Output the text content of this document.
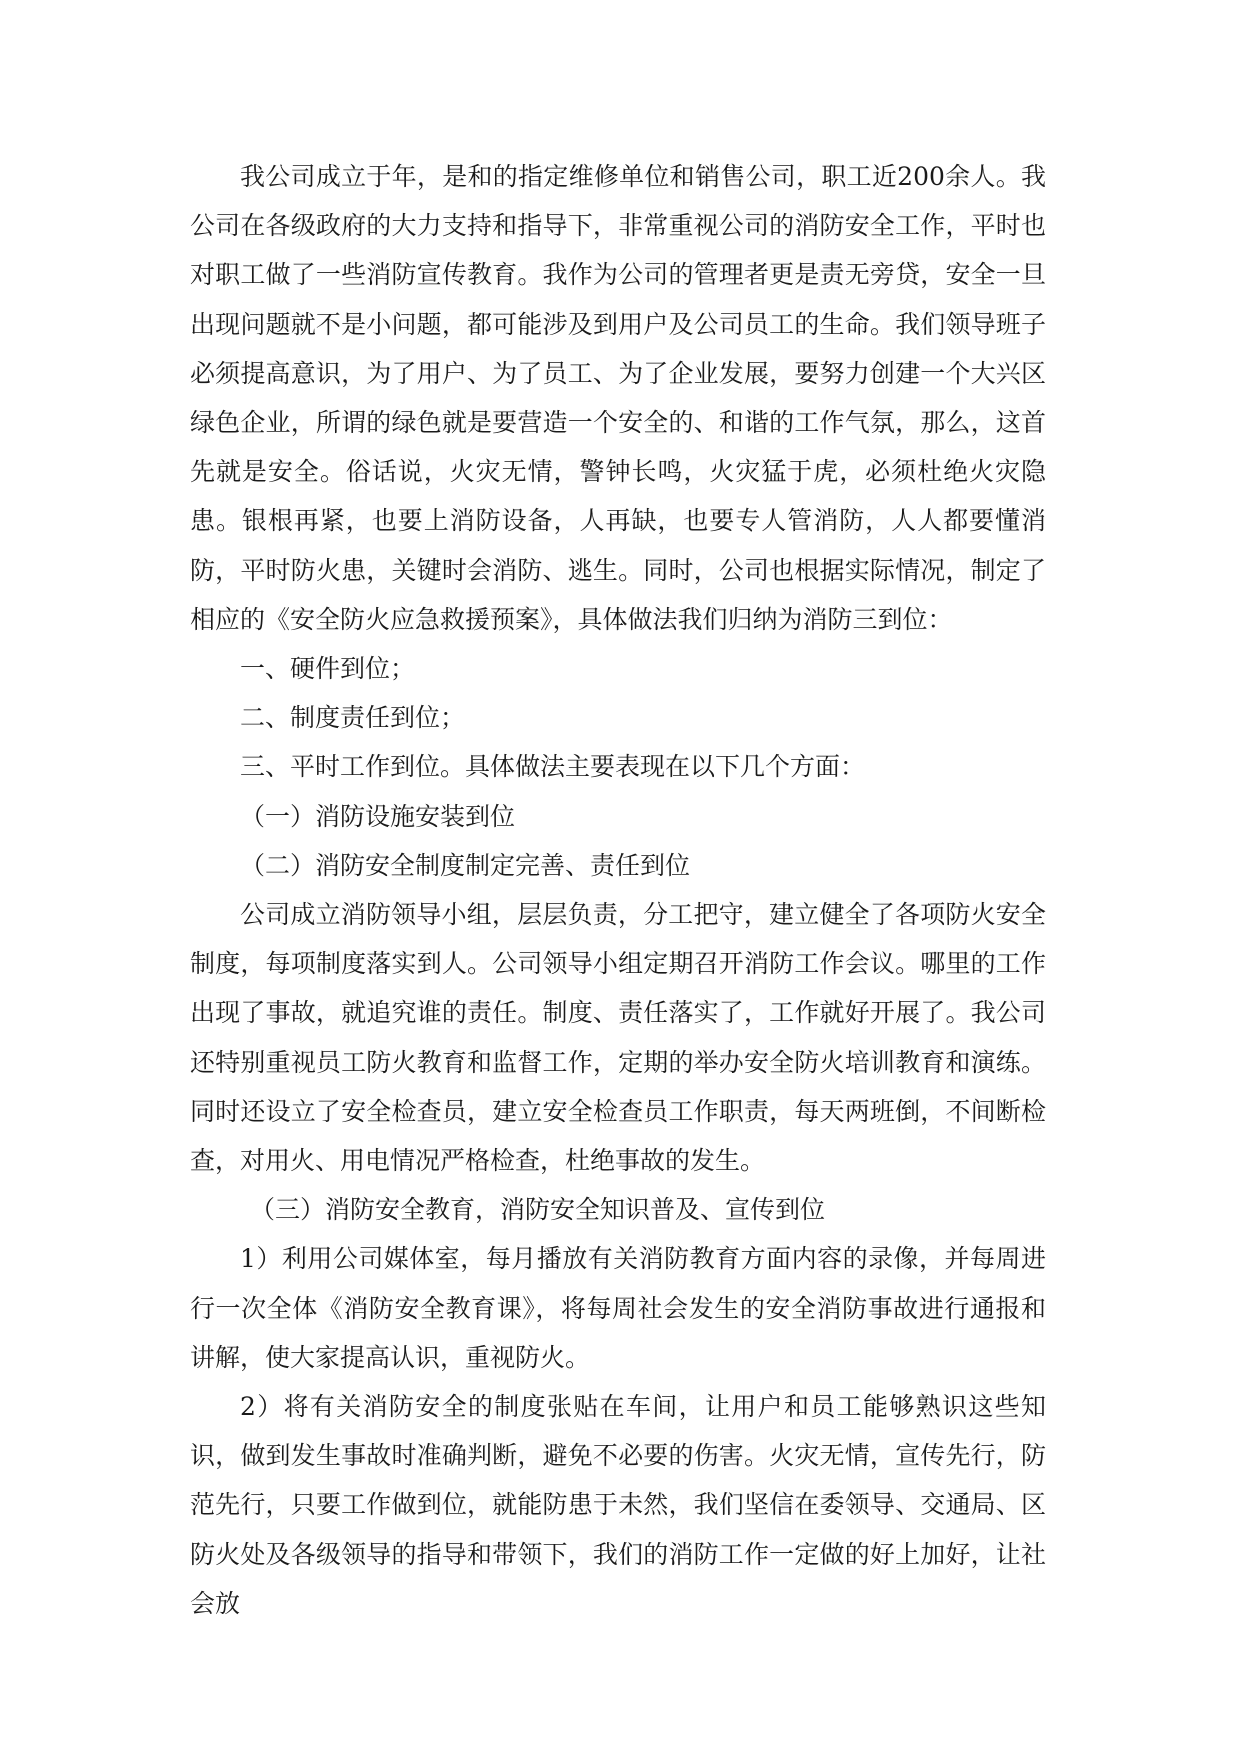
我公司成立于年，是和的指定维修单位和销售公司，职工近200余人。我公司在各级政府的大力支持和指导下，非常重视公司的消防安全工作，平时也对职工做了一些消防宣传教育。我作为公司的管理者更是责无旁贷，安全一旦出现问题就不是小问题，都可能涉及到用户及公司员工的生命。我们领导班子必须提高意识，为了用户、为了员工、为了企业发展，要努力创建一个大兴区绿色企业，所谓的绿色就是要营造一个安全的、和谐的工作气氛，那么，这首先就是安全。俗话说，火灾无情，警钟长鸣，火灾猛于虎，必须杜绝火灾隐患。银根再紧，也要上消防设备，人再缺，也要专人管消防，人人都要懂消防，平时防火患，关键时会消防、逃生。同时，公司也根据实际情况，制定了相应的《安全防火应急救援预案》，具体做法我们归纳为消防三到位：

一、硬件到位；

二、制度责任到位；

三、平时工作到位。具体做法主要表现在以下几个方面：

（一）消防设施安装到位

（二）消防安全制度制定完善、责任到位

公司成立消防领导小组，层层负责，分工把守，建立健全了各项防火安全制度，每项制度落实到人。公司领导小组定期召开消防工作会议。哪里的工作出现了事故，就追究谁的责任。制度、责任落实了，工作就好开展了。我公司还特别重视员工防火教育和监督工作，定期的举办安全防火培训教育和演练。同时还设立了安全检查员，建立安全检查员工作职责，每天两班倒，不间断检查，对用火、用电情况严格检查，杜绝事故的发生。

（三）消防安全教育，消防安全知识普及、宣传到位

1）利用公司媒体室，每月播放有关消防教育方面内容的录像，并每周进行一次全体《消防安全教育课》，将每周社会发生的安全消防事故进行通报和讲解，使大家提高认识，重视防火。

2）将有关消防安全的制度张贴在车间，让用户和员工能够熟识这些知识，做到发生事故时准确判断，避免不必要的伤害。火灾无情，宣传先行，防范先行，只要工作做到位，就能防患于未然，我们坚信在委领导、交通局、区防火处及各级领导的指导和带领下，我们的消防工作一定做的好上加好，让社会放
